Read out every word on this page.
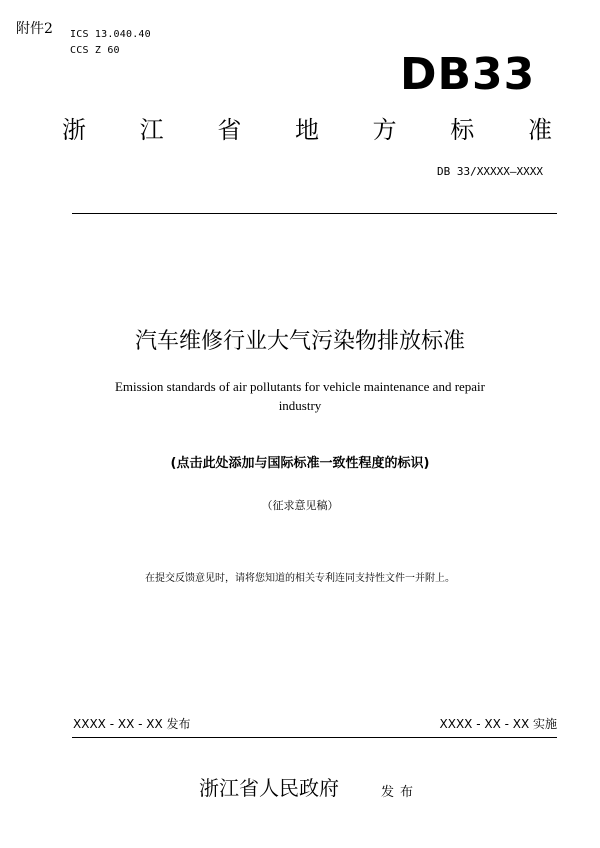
附件2 ICS 13.040.40
CCS Z 60	DB33
浙 江 省 地 方 标 准
DB 33/XXXXX—XXXX
汽车维修行业大气污染物排放标准
Emission standards of air pollutants for vehicle maintenance and repair industry
(点击此处添加与国际标准一致性程度的标识)
（征求意见稿）
在提交反馈意见时，请将您知道的相关专利连同支持性文件一并附上。
XXXX - XX - XX 发布	XXXX - XX - XX 实施
浙江省人民政府	发布
